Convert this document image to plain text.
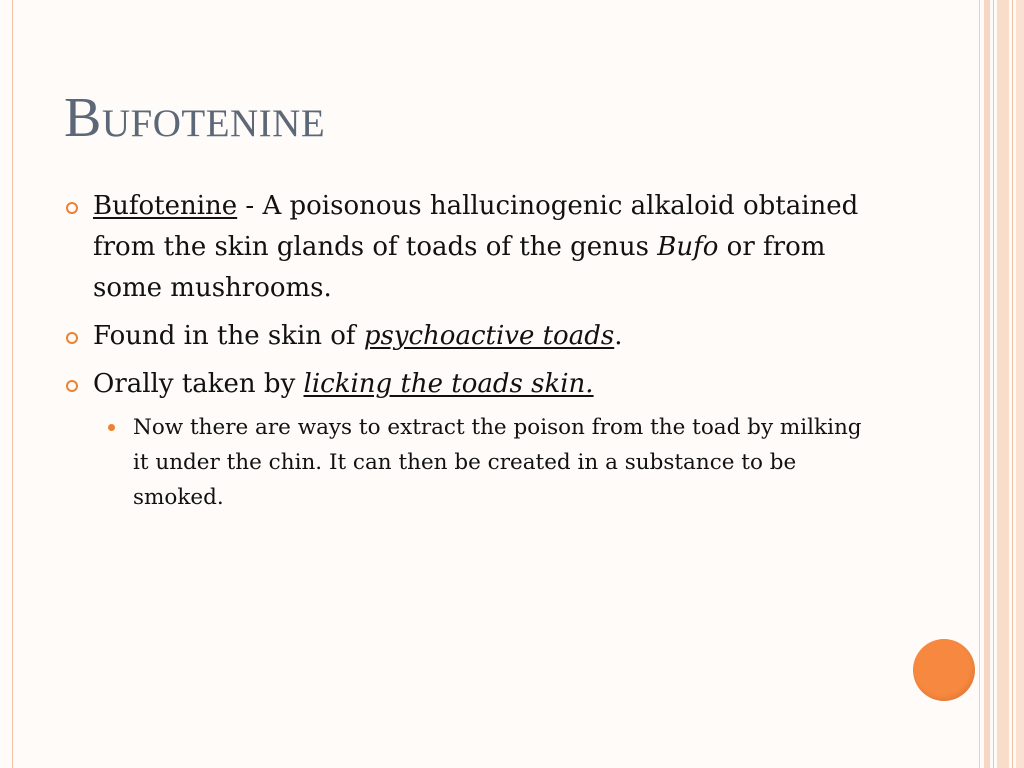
Bufotenine
Bufotenine - A poisonous hallucinogenic alkaloid obtained from the skin glands of toads of the genus Bufo or from some mushrooms.
Found in the skin of psychoactive toads.
Orally taken by licking the toads skin.
Now there are ways to extract the poison from the toad by milking it under the chin. It can then be created in a substance to be smoked.
